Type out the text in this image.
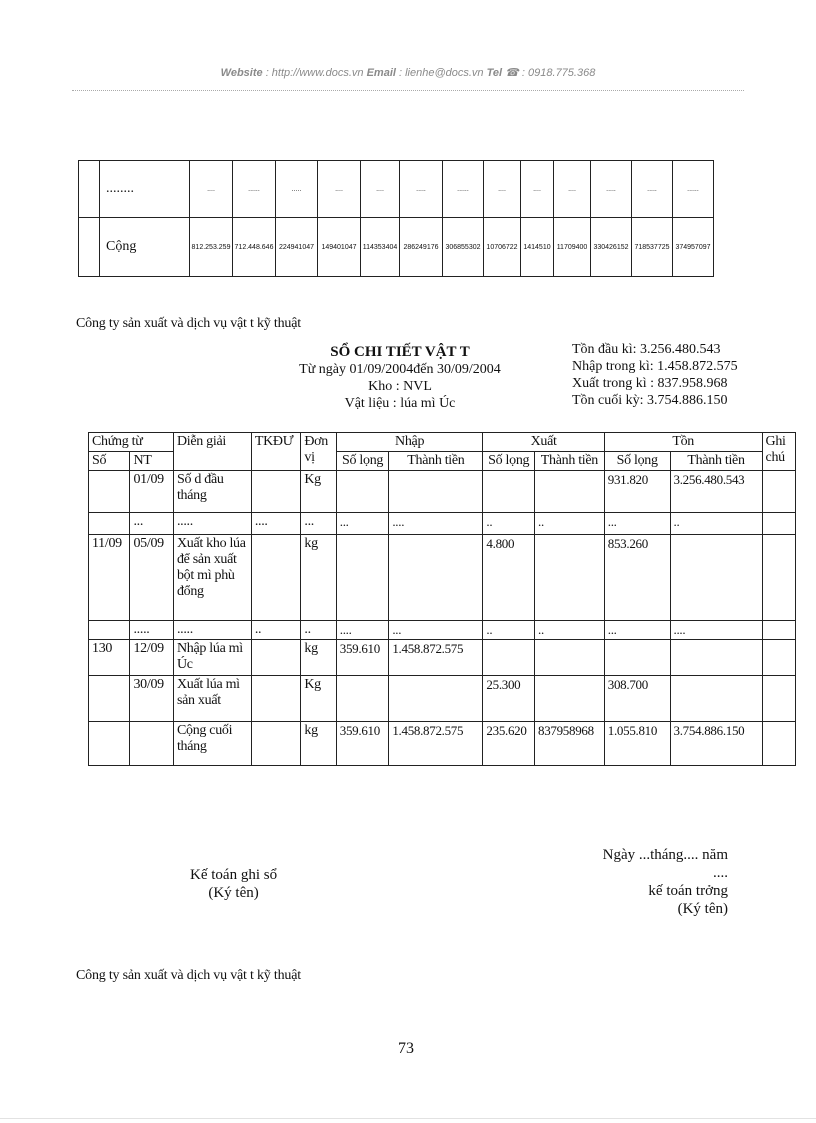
Website : http://www.docs.vn Email : lienhe@docs.vn Tel ☎ : 0918.775.368
	........	....	......	.....	....	....	.....	......	....	....	....	.....	.....	......
	Cộng	812.253.259	712.448.646	224941047	149401047	114353404	286249176	306855302	10706722	1414510	11709400	330426152	718537725	374957097
Công ty sản xuất và dịch vụ vật t kỹ thuật
SỔ CHI TIẾT VẬT T
Từ ngày 01/09/2004đến 30/09/2004
Kho : NVL
Vật liệu : lúa mì Úc
Tồn đầu kì: 3.256.480.543
Nhập trong kì: 1.458.872.575
Xuất trong kì : 837.958.968
Tồn cuối kỳ: 3.754.886.150
Chứng từ		Diễn giải	TKĐƯ	Đơn vị	Nhập		Xuất		Tồn		Ghi chú
Số	NT				Số lọng	Thành tiền	Số lọng	Thành tiền	Số lọng	Thành tiền	
	01/09	Số d đầu tháng		Kg					931.820	3.256.480.543	
	...	.....	....	...	...	....	..	..	...	..	
11/09	05/09	Xuất kho lúa để sản xuất bột mì phù đổng		kg			4.800		853.260		
	.....	.....	..	..	....	...	..	..	...	....	
130	12/09	Nhập lúa mì Úc		kg	359.610	1.458.872.575					
	30/09	Xuất lúa mì sản xuất		Kg			25.300		308.700		
		Cộng cuối tháng		kg	359.610	1.458.872.575	235.620	837958968	1.055.810	3.754.886.150	
Kế toán ghi sổ
(Ký tên)
Ngày ...tháng.... năm ....
kế toán trởng
(Ký tên)
Công ty sản xuất và dịch vụ vật t kỹ thuật
73
